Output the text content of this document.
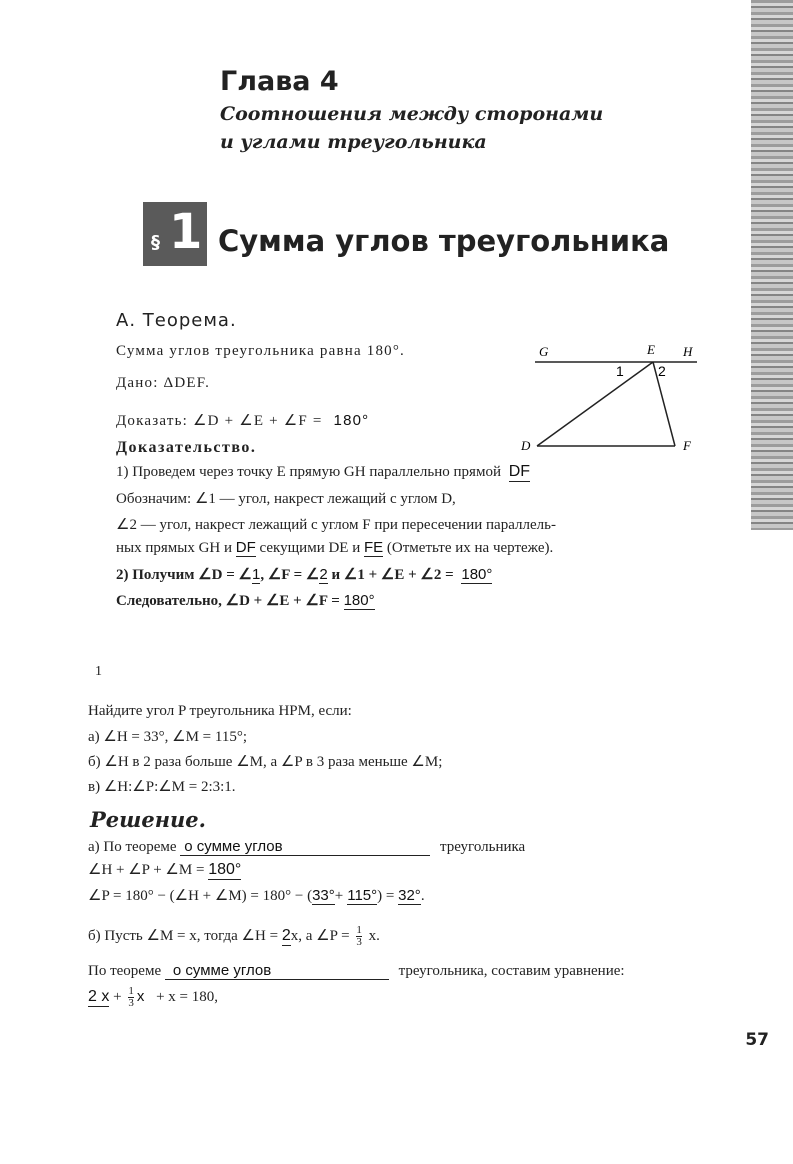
Глава 4
Соотношения между сторонами
и углами треугольника
§ 1 Сумма углов треугольника
А. Теорема.
Сумма углов треугольника равна 180°.
Дано: ΔDEF.
Доказать: ∠D + ∠E + ∠F = 180°
Доказательство.
1) Проведем через точку E прямую GH параллельно прямой DF
Обозначим: ∠1 — угол, накрест лежащий с углом D,
∠2 — угол, накрест лежащий с углом F при пересечении параллель-
ных прямых GH и DF секущими DE и FE (Отметьте их на чертеже).
2) Получим ∠D = ∠1, ∠F = ∠2 и ∠1 + ∠E + ∠2 = 180°
Следовательно, ∠D + ∠E + ∠F = 180°
G	E H
D	F
1 2
1
Найдите угол P треугольника HPM, если:
а) ∠H = 33°, ∠M = 115°;
б) ∠H в 2 раза больше ∠M, а ∠P в 3 раза меньше ∠M;
в) ∠H:∠P:∠M = 2:3:1.
Решение.
а) По теореме о сумме углов	треугольника
∠H + ∠P + ∠M = 180°
∠P = 180° − (∠H + ∠M) = 180° − (33°+ 115°) = 32°.
б) Пусть ∠M = x, тогда ∠H = 2x, а ∠P = $\frac{1}{3} x$.
По теореме о сумме углов	треугольника, составим уравнение:
2 $x + \frac{1}{3}$ x + x = 180,
57
